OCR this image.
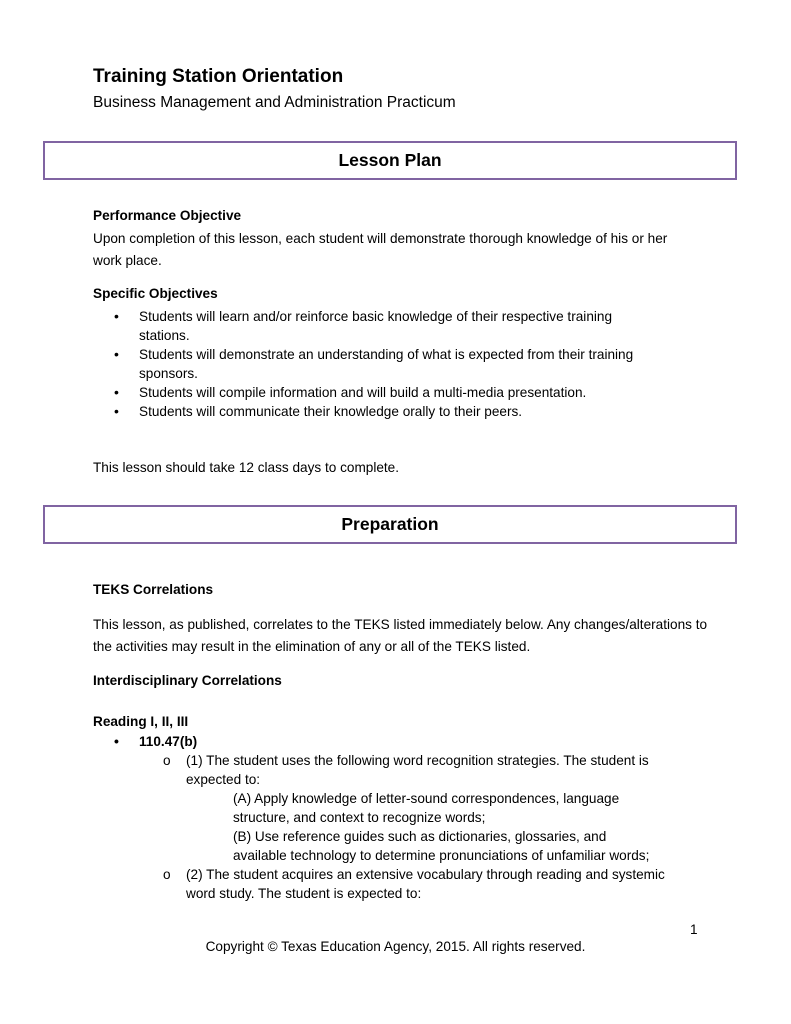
Training Station Orientation
Business Management and Administration Practicum
Lesson Plan
Performance Objective
Upon completion of this lesson, each student will demonstrate thorough knowledge of his or her work place.
Specific Objectives
• Students will learn and/or reinforce basic knowledge of their respective training stations.
• Students will demonstrate an understanding of what is expected from their training sponsors.
• Students will compile information and will build a multi-media presentation.
• Students will communicate their knowledge orally to their peers.
This lesson should take 12 class days to complete.
Preparation
TEKS Correlations
This lesson, as published, correlates to the TEKS listed immediately below. Any changes/alterations to the activities may result in the elimination of any or all of the TEKS listed.
Interdisciplinary Correlations
Reading I, II, III
• 110.47(b)
o (1) The student uses the following word recognition strategies. The student is expected to:
(A) Apply knowledge of letter-sound correspondences, language structure, and context to recognize words;
(B) Use reference guides such as dictionaries, glossaries, and available technology to determine pronunciations of unfamiliar words;
o (2) The student acquires an extensive vocabulary through reading and systemic word study. The student is expected to:
1
Copyright © Texas Education Agency, 2015. All rights reserved.
